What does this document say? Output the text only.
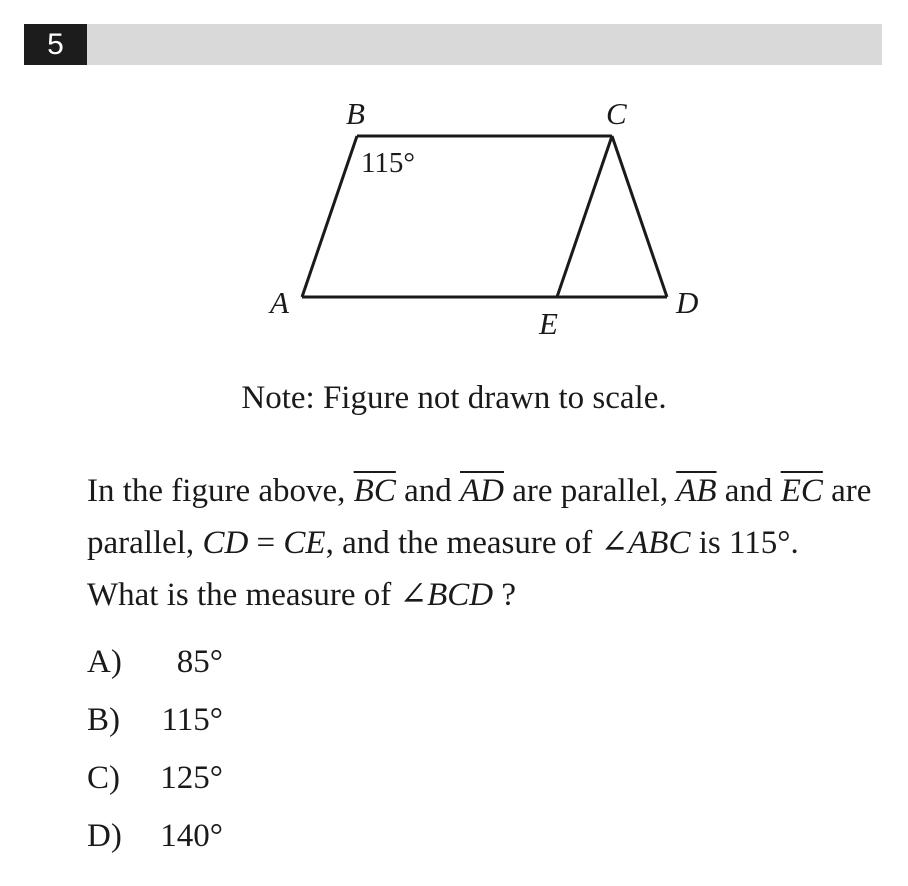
5
B	C
A	D
E
115°
Note: Figure not drawn to scale.
In the figure above, $\overline{BC}$ and $\overline{AD}$ are parallel, $\overline{AB}$ and $\overline{EC}$ are parallel, CD = CE, and the measure of ∠ABC is 115°. What is the measure of ∠BCD ?
A) 85°
B) 115°
C) 125°
D) 140°
